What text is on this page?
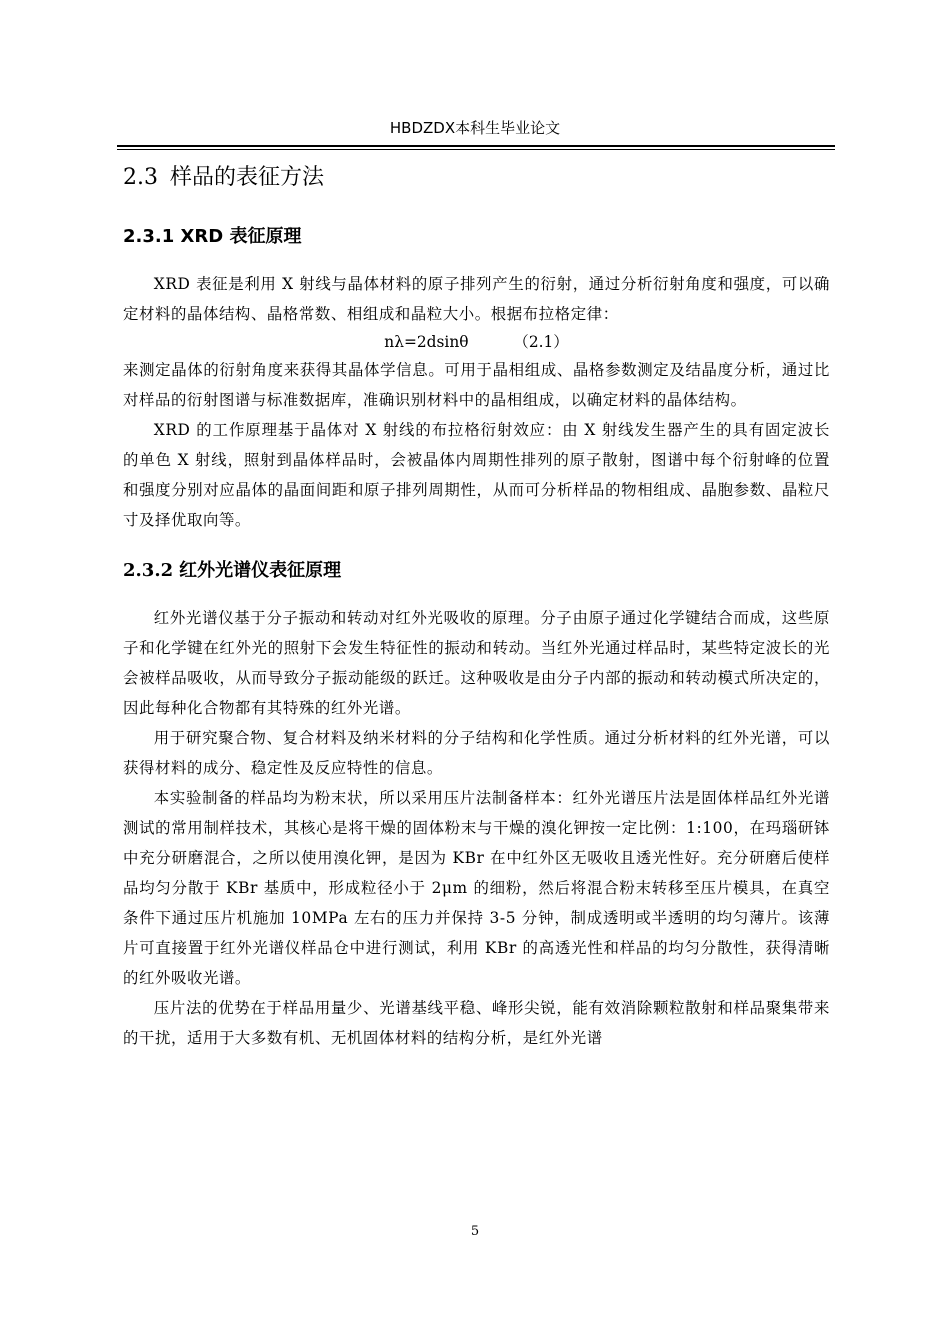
HBDZDX本科生毕业论文
2.3 样品的表征方法
2.3.1 XRD 表征原理

XRD 表征是利用 X 射线与晶体材料的原子排列产生的衍射，通过分析衍射角度和强度，可以确定材料的晶体结构、晶格常数、相组成和晶粒大小。根据布拉格定律：

nλ=2dsinθ	（2.1）

来测定晶体的衍射角度来获得其晶体学信息。可用于晶相组成、晶格参数测定及结晶度分析，通过比对样品的衍射图谱与标准数据库，准确识别材料中的晶相组成，以确定材料的晶体结构。

XRD 的工作原理基于晶体对 X 射线的布拉格衍射效应：由 X 射线发生器产生的具有固定波长的单色 X 射线，照射到晶体样品时，会被晶体内周期性排列的原子散射，图谱中每个衍射峰的位置和强度分别对应晶体的晶面间距和原子排列周期性，从而可分析样品的物相组成、晶胞参数、晶粒尺寸及择优取向等。

2.3.2 红外光谱仪表征原理

红外光谱仪基于分子振动和转动对红外光吸收的原理。分子由原子通过化学键结合而成，这些原子和化学键在红外光的照射下会发生特征性的振动和转动。当红外光通过样品时，某些特定波长的光会被样品吸收，从而导致分子振动能级的跃迁。这种吸收是由分子内部的振动和转动模式所决定的，因此每种化合物都有其特殊的红外光谱。

用于研究聚合物、复合材料及纳米材料的分子结构和化学性质。通过分析材料的红外光谱，可以获得材料的成分、稳定性及反应特性的信息。

本实验制备的样品均为粉末状，所以采用压片法制备样本：红外光谱压片法是固体样品红外光谱测试的常用制样技术，其核心是将干燥的固体粉末与干燥的溴化钾按一定比例：1:100，在玛瑙研钵中充分研磨混合，之所以使用溴化钾，是因为 KBr 在中红外区无吸收且透光性好。充分研磨后使样品均匀分散于 KBr 基质中，形成粒径小于 2μm 的细粉，然后将混合粉末转移至压片模具，在真空条件下通过压片机施加 10MPa 左右的压力并保持 3-5 分钟，制成透明或半透明的均匀薄片。该薄片可直接置于红外光谱仪样品仓中进行测试，利用 KBr 的高透光性和样品的均匀分散性，获得清晰的红外吸收光谱。

压片法的优势在于样品用量少、光谱基线平稳、峰形尖锐，能有效消除颗粒散射和样品聚集带来的干扰，适用于大多数有机、无机固体材料的结构分析，是红外光谱

5
